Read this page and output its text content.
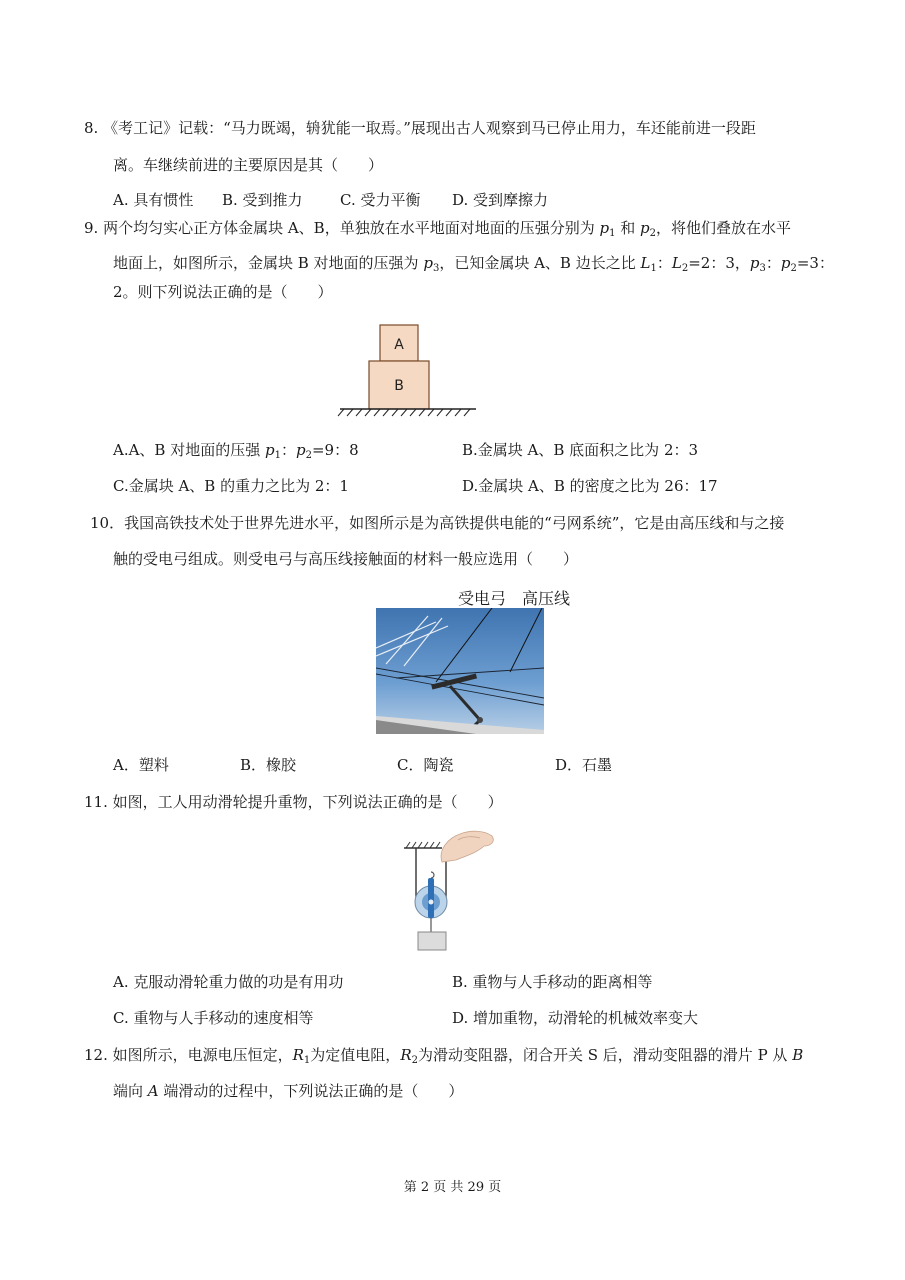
8. 《考工记》记载：“马力既竭，辀犹能一取焉。”展现出古人观察到马已停止用力，车还能前进一段距
离。车继续前进的主要原因是其（　　）
A. 具有惯性 B. 受到推力 C. 受力平衡 D. 受到摩擦力
9. 两个均匀实心正方体金属块 A、B，单独放在水平地面对地面的压强分别为 $p_1$ 和 $p_2$，将他们叠放在水平
地面上，如图所示，金属块 B 对地面的压强为 $p_3$，已知金属块 A、B 边长之比 $L_1$：$L_2=2$：3，$p_3$：$p_2=3$：
2。则下列说法正确的是（　　）
A
B
A.A、B 对地面的压强 $p_1$：$p_2=9$：8	B.金属块 A、B 底面积之比为 2：3
C.金属块 A、B 的重力之比为 2：1	D.金属块 A、B 的密度之比为 26：17
10．我国高铁技术处于世界先进水平，如图所示是为高铁提供电能的“弓网系统”，它是由高压线和与之接
触的受电弓组成。则受电弓与高压线接触面的材料一般应选用（　　）
受电弓 高压线
A．塑料	B．橡胶	C．陶瓷	D．石墨
11. 如图，工人用动滑轮提升重物，下列说法正确的是（　　）
A. 克服动滑轮重力做的功是有用功	B. 重物与人手移动的距离相等
C. 重物与人手移动的速度相等	D. 增加重物，动滑轮的机械效率变大
12. 如图所示，电源电压恒定，$R_1$为定值电阻，$R_2$为滑动变阻器，闭合开关 S 后，滑动变阻器的滑片 P 从 B
端向 A 端滑动的过程中，下列说法正确的是（　　）
第 2 页 共 29 页
